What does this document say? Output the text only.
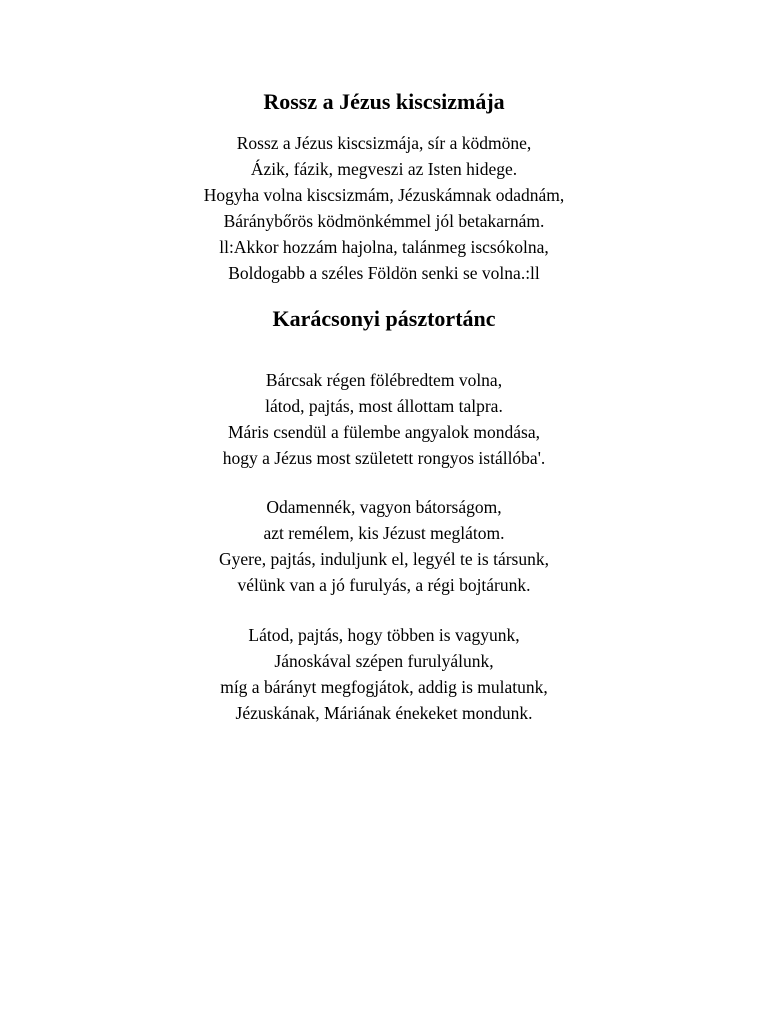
Rossz a Jézus kiscsizmája
Rossz a Jézus kiscsizmája, sír a ködmöne,
Ázik, fázik, megveszi az Isten hidege.
Hogyha volna kiscsizmám, Jézuskámnak odadnám,
Báránybőrös ködmönkémmel jól betakarnám.
ll:Akkor hozzám hajolna, talánmeg iscsókolna,
Boldogabb a széles Földön senki se volna.:ll
Karácsonyi pásztortánc
Bárcsak régen fölébredtem volna,
látod, pajtás, most állottam talpra.
Máris csendül a fülembe angyalok mondása,
hogy a Jézus most született rongyos istállóba'.
Odamennék, vagyon bátorságom,
azt remélem, kis Jézust meglátom.
Gyere, pajtás, induljunk el, legyél te is társunk,
vélünk van a jó furulyás, a régi bojtárunk.
Látod, pajtás, hogy többen is vagyunk,
Jánoskával szépen furulyálunk,
míg a bárányt megfogjátok, addig is mulatunk,
Jézuskának, Máriának énekeket mondunk.
